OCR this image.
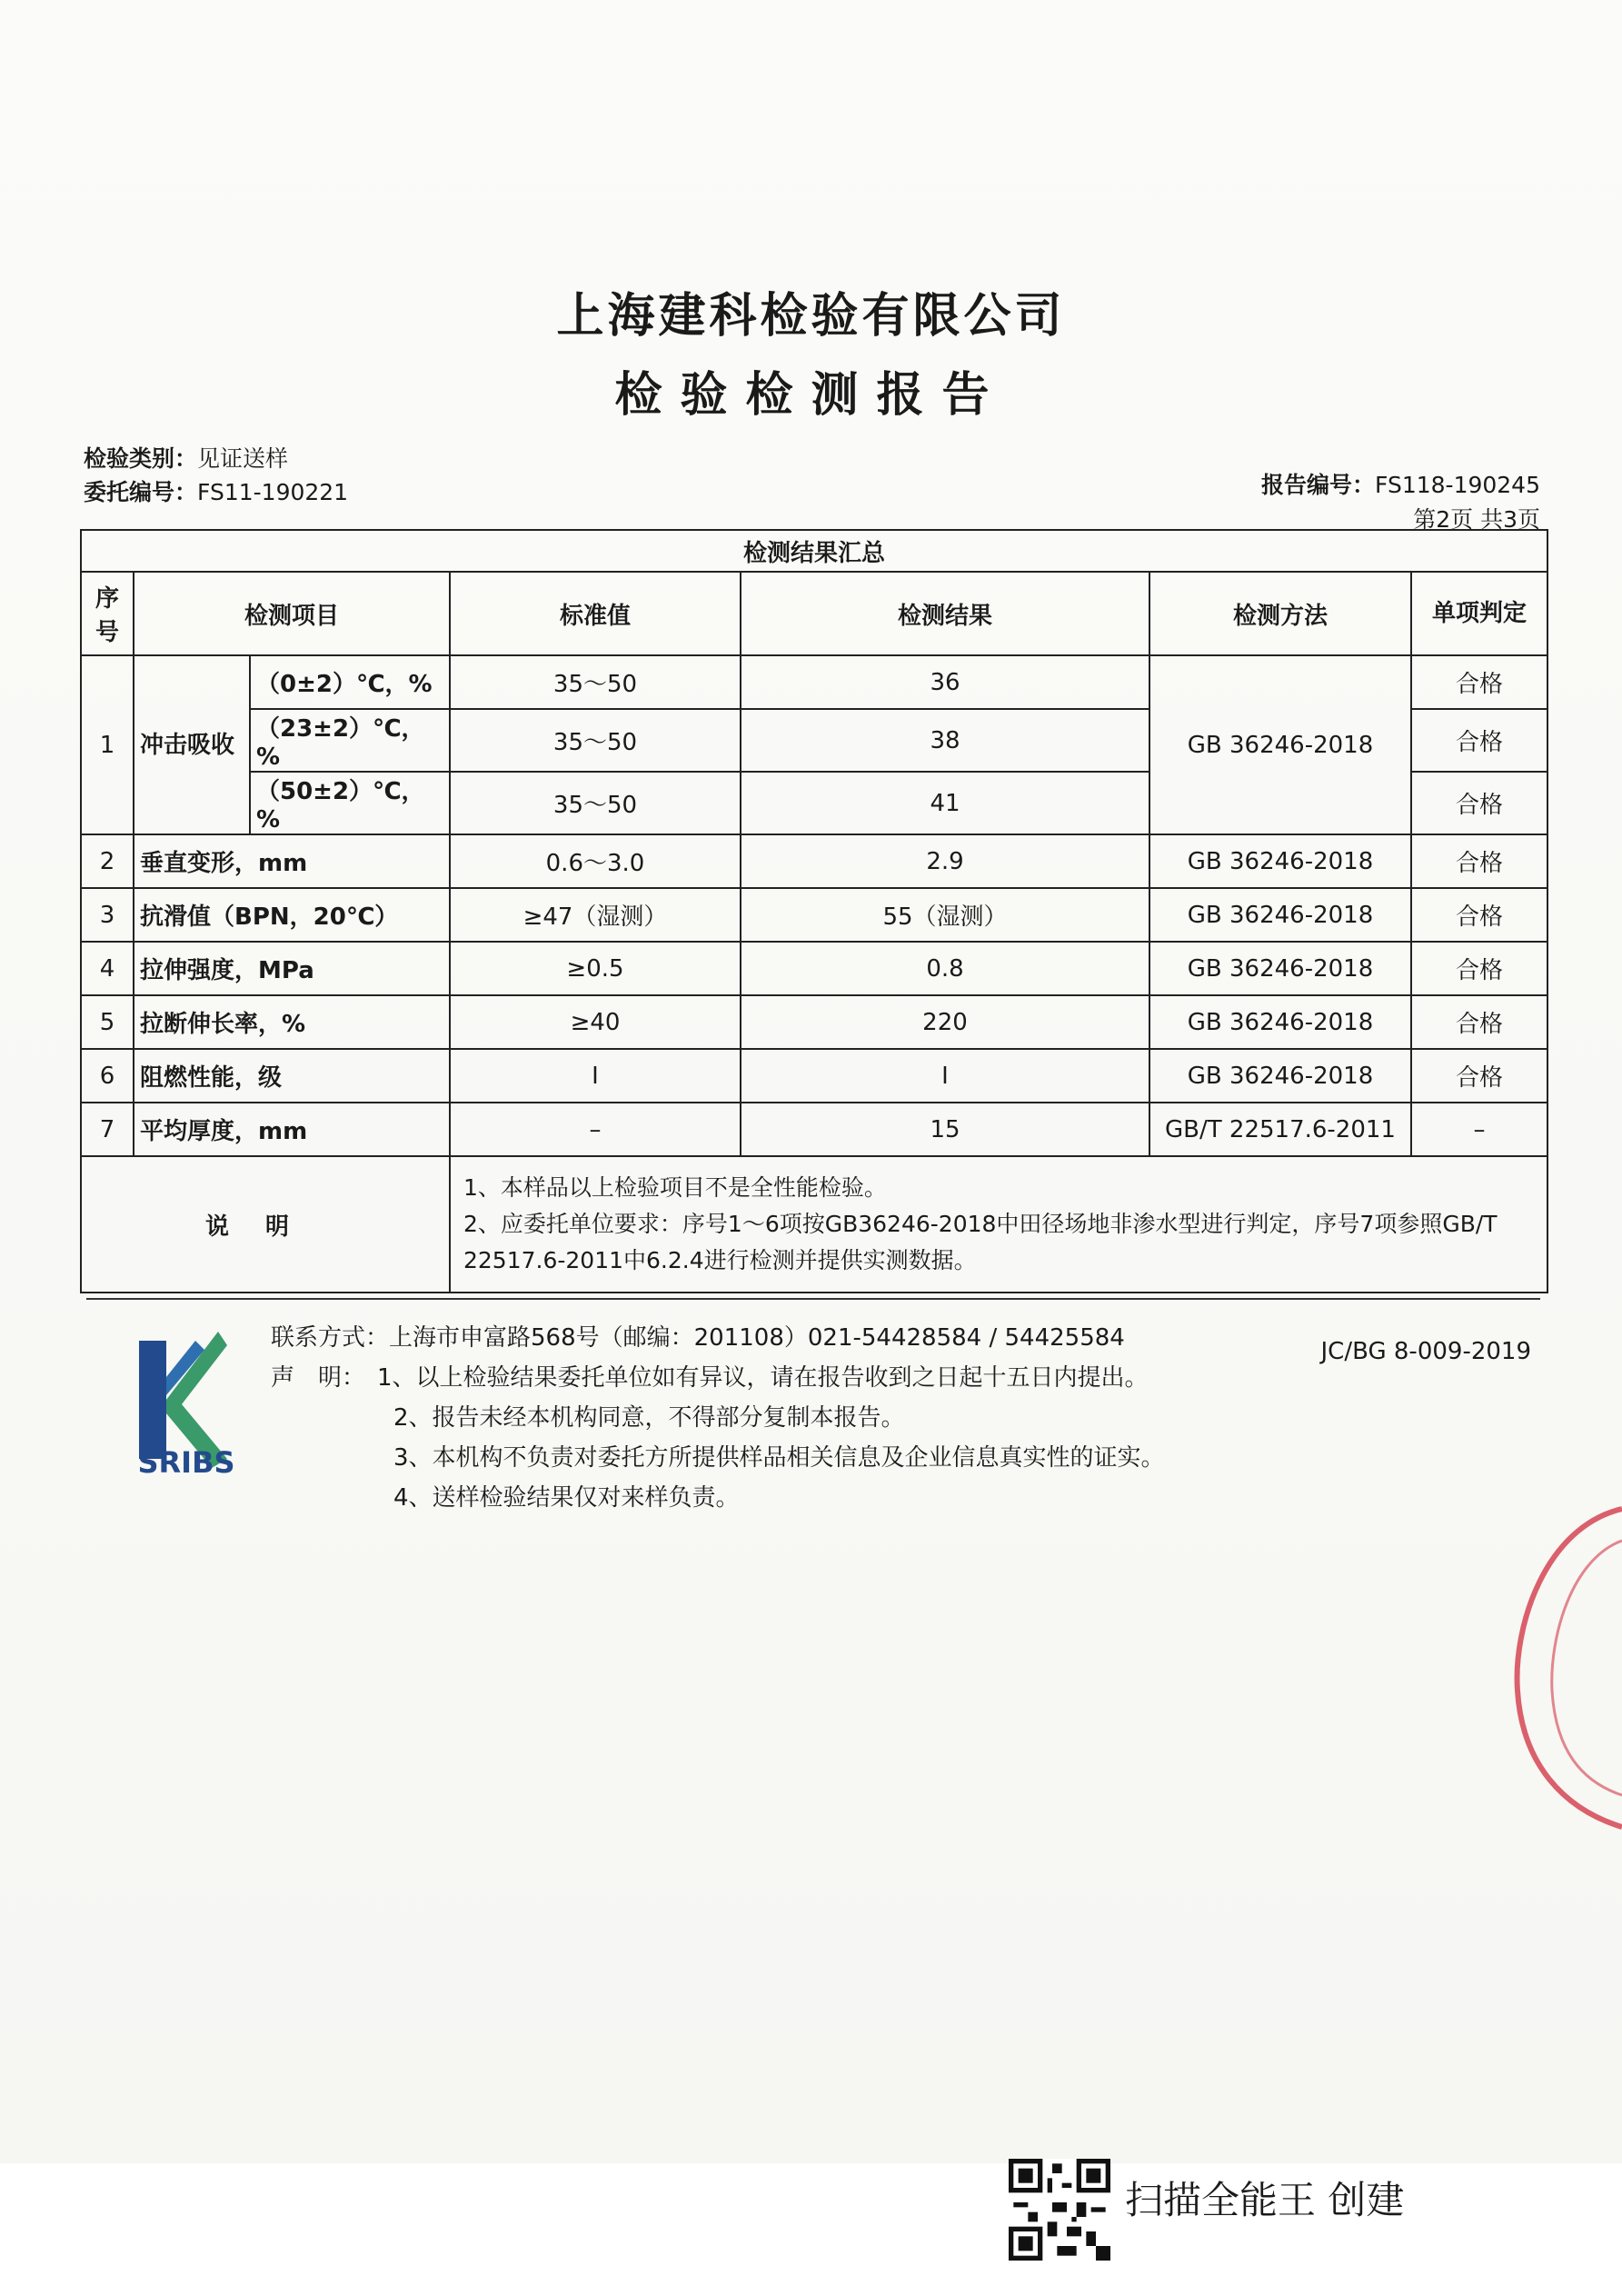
上海建科检验有限公司
检验检测报告
检验类别：见证送样
委托编号：FS11-190221	报告编号：FS118-190245
第2页 共3页
检测结果汇总						
序号	检测项目		标准值	检测结果	检测方法	单项判定
1	冲击吸收	（0±2）℃，%	35～50	36	GB 36246-2018	合格
		（23±2）℃，%	35～50	38		合格
		（50±2）℃，%	35～50	41		合格
2	垂直变形，mm		0.6～3.0	2.9	GB 36246-2018	合格
3	抗滑值（BPN，20℃）		≥47（湿测）	55（湿测）	GB 36246-2018	合格
4	拉伸强度，MPa		≥0.5	0.8	GB 36246-2018	合格
5	拉断伸长率，%		≥40	220	GB 36246-2018	合格
6	阻燃性能，级		I	I	GB 36246-2018	合格
7	平均厚度，mm		–	15	GB/T 22517.6-2011	–
说明			1、本样品以上检验项目不是全性能检验。
2、应委托单位要求：序号1～6项按GB36246-2018中田径场地非渗水型进行判定，序号7项参照GB/T 22517.6-2011中6.2.4进行检测并提供实测数据。			
SRIBS
联系方式：上海市申富路568号（邮编：201108）021-54428584 / 54425584	JC/BG 8-009-2019
声　明： 1、以上检验结果委托单位如有异议，请在报告收到之日起十五日内提出。
2、报告未经本机构同意，不得部分复制本报告。
3、本机构不负责对委托方所提供样品相关信息及企业信息真实性的证实。
4、送样检验结果仅对来样负责。
扫描全能王 创建
